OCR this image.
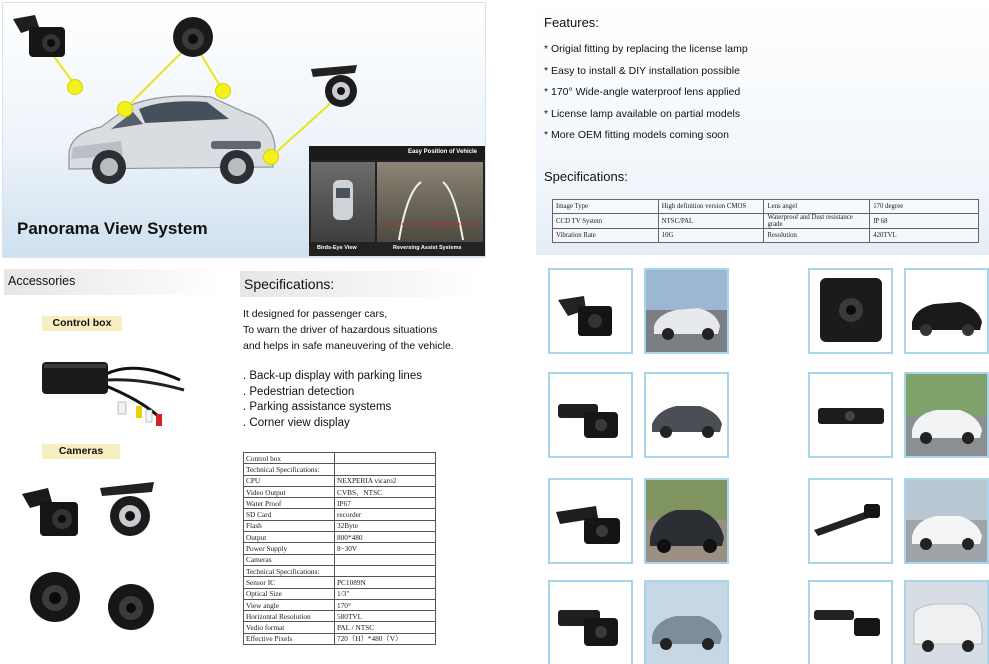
Easy Position of Vehicle
Birds-Eye View	Reversing Assist Systems
Panorama View System
Accessories
Control box
Cameras
Specifications:
It designed for passenger cars,
To warn the driver of hazardous situations
and helps in safe maneuvering of the vehicle.
. Back-up display with parking lines
. Pedestrian detection
. Parking assistance systems
. Corner view display
Control box	
Technical Specifications:	
CPU	NEXPERIA vicaro2
Video Output	CVBS、NTSC
Water Proof	IP67
SD Card	recorder
Flash	32Byte
Output	800*480
Power Supply	8~30V
Cameras	
Technical Specifications:	
Sensor IC	PC1089N
Optical Size	1/3"
View angle	170°
Horizontal Resolution	580TVL
Vedio format	PAL / NTSC
Effective Pixels	720（H）*480（V）
Features:
* Origial fitting by replacing the license lamp
* Easy to install & DIY installation possible
* 170° Wide-angle waterproof lens applied
* License lamp available on partial models
* More OEM fitting models coming soon
Specifications:
Image Type	High definition version CMOS	Lens angel	170 degree
CCD TV System	NTSC/PAL	Waterproof and Dust resistance grade	IP 68
Vibration Rate	10G	Resolution	420TVL
